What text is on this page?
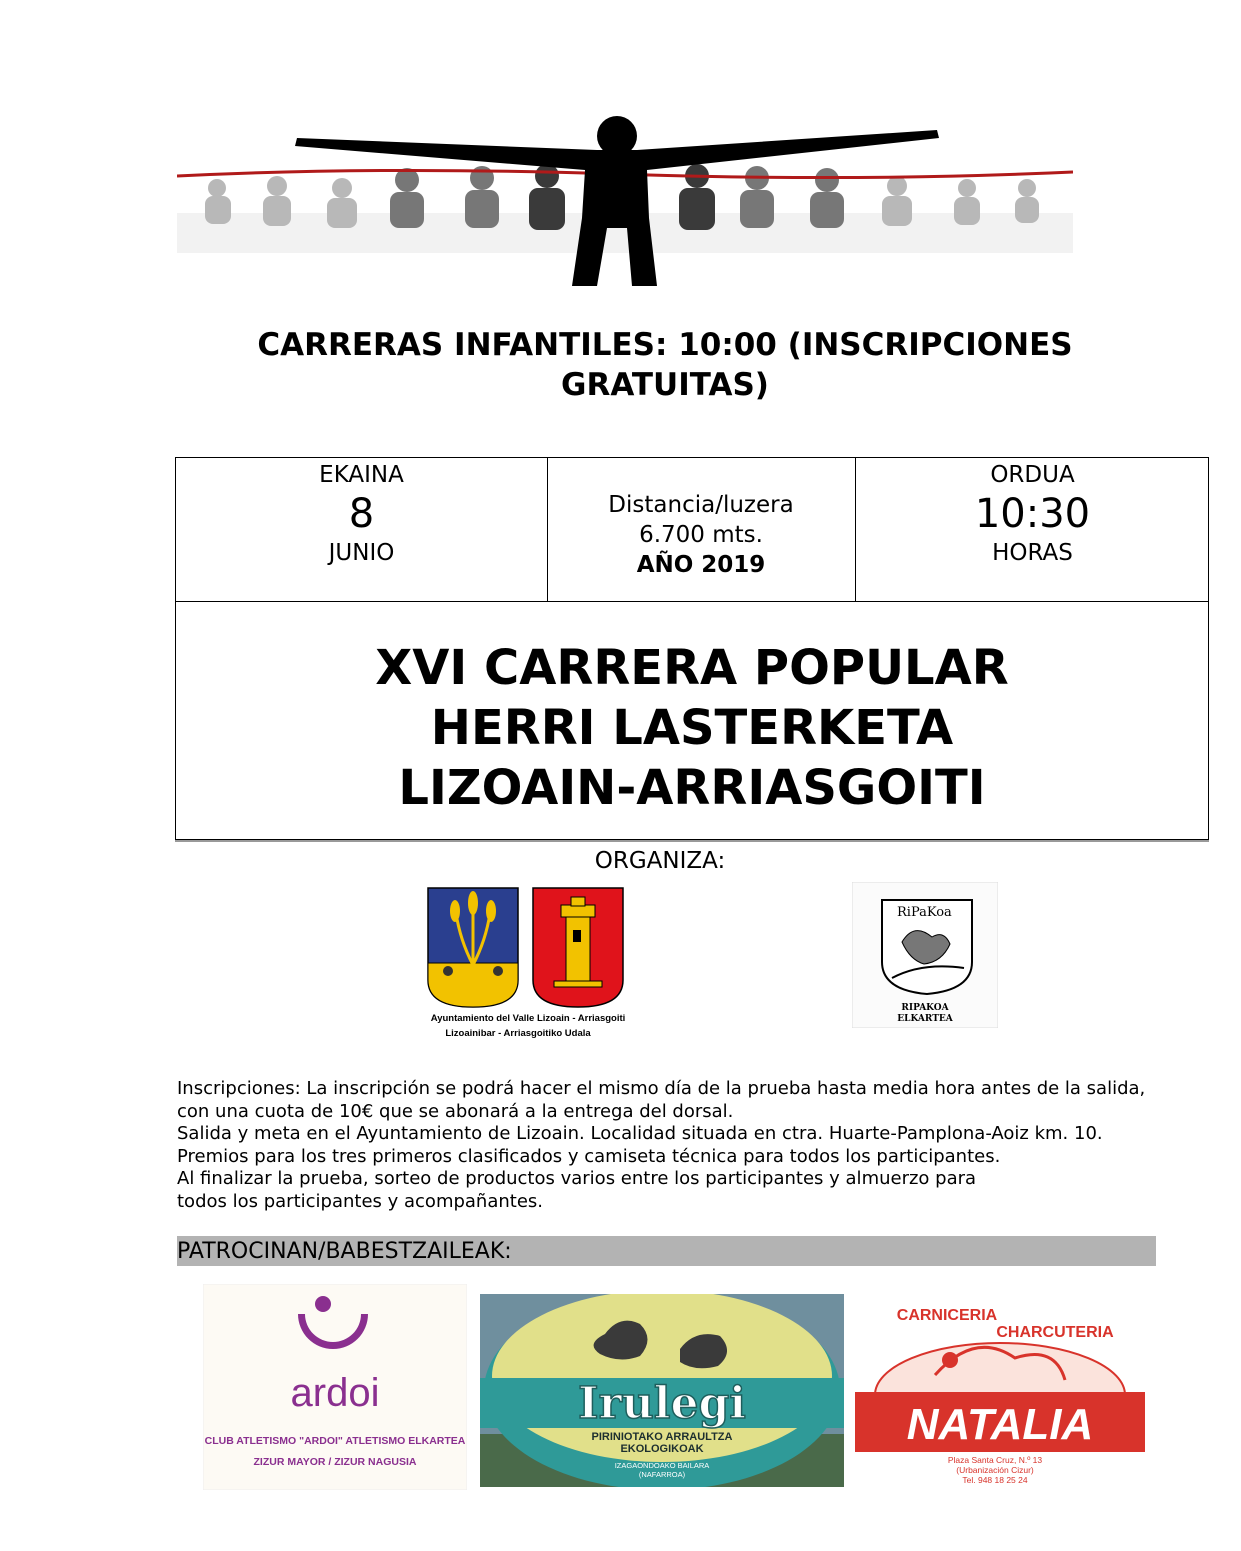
CARRERAS INFANTILES: 10:00 (INSCRIPCIONES
GRATUITAS)
EKAINA
8
JUNIO
Distancia/luzera
6.700 mts.
AÑO 2019
ORDUA
10:30
HORAS
XVI CARRERA POPULAR
HERRI LASTERKETA
LIZOAIN-ARRIASGOITI
ORGANIZA:
Ayuntamiento del Valle Lizoain - Arriasgoiti
Lizoainibar - Arriasgoitiko Udala
RiPaKoa
RIPAKOA
ELKARTEA

Inscripciones: La inscripción se podrá hacer el mismo día de la prueba hasta media hora antes de la salida, con una cuota de 10€ que se abonará a la entrega del dorsal.

Salida y meta en el Ayuntamiento de Lizoain. Localidad situada en ctra. Huarte-Pamplona-Aoiz km. 10.

Premios para los tres primeros clasificados y camiseta técnica para todos los participantes.

Al finalizar la prueba, sorteo de productos varios entre los participantes y almuerzo para

todos los participantes y acompañantes.

PATROCINAN/BABESTZAILEAK:
ardoi
CLUB ATLETISMO "ARDOI" ATLETISMO ELKARTEA
ZIZUR MAYOR / ZIZUR NAGUSIA
Irulegi
PIRINIOTAKO ARRAULTZA
EKOLOGIKOAK
IZAGAONDOAKO BAILARA
(NAFARROA)
CARNICERIA
CHARCUTERIA
NATALIA
Plaza Santa Cruz, N.º 13
(Urbanización Cizur)
Tel. 948 18 25 24
